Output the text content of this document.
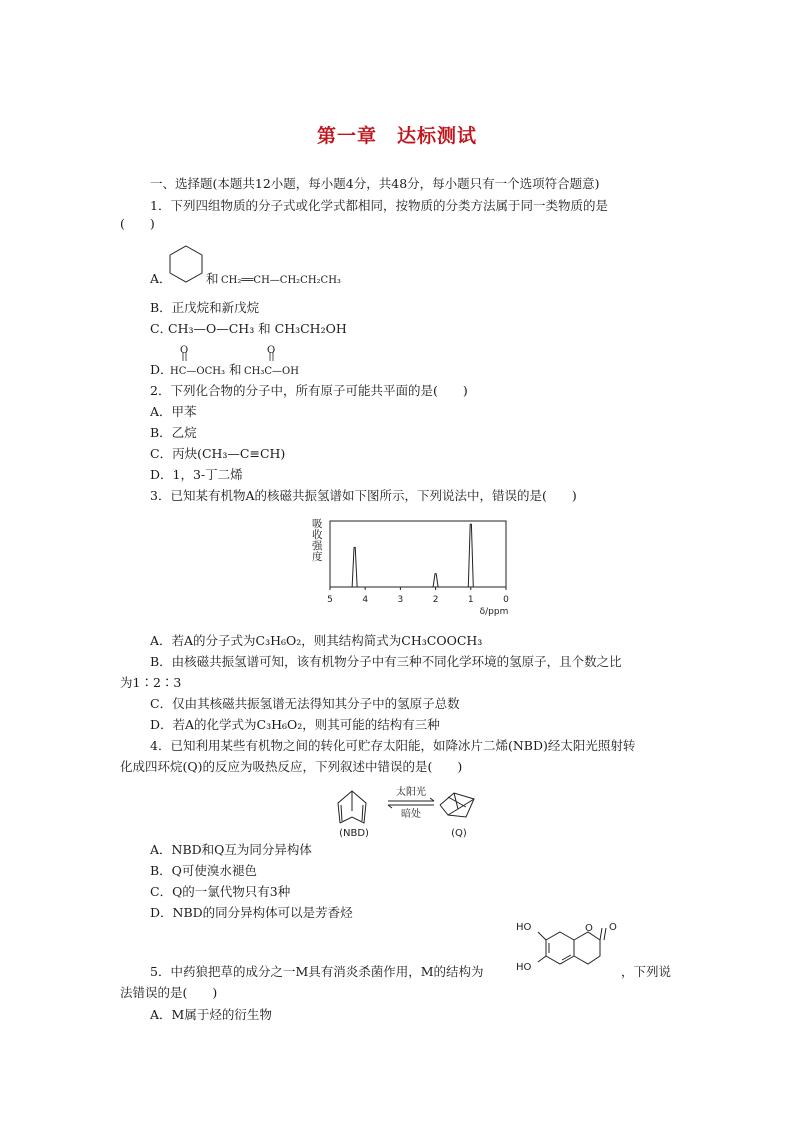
第一章　达标测试
一、选择题(本题共12小题，每小题4分，共48分，每小题只有一个选项符合题意)
1．下列四组物质的分子式或化学式都相同，按物质的分类方法属于同一类物质的是
(　　)
A．	和 CH₂══CH—CH₂CH₂CH₃
B．正戊烷和新戊烷
C．
CH₃—O—CH₃ 和 CH₃CH₂OH
D．
O
HC—OCH₃ 和
O
CH₃C—OH
2．下列化合物的分子中，所有原子可能共平面的是(　　)
A．甲苯
B．乙烷
C．丙炔(CH₃—C≡CH)
D．1，3-丁二烯
3．已知某有机物A的核磁共振氢谱如下图所示，下列说法中，错误的是(　　)
吸收强度
5	4	3	2	1	0
δ/ppm
A．若A的分子式为C₃H₆O₂，则其结构简式为CH₃COOCH₃
B．由核磁共振氢谱可知，该有机物分子中有三种不同化学环境的氢原子，且个数之比
为1∶2∶3
C．仅由其核磁共振氢谱无法得知其分子中的氢原子总数
D．若A的化学式为C₃H₆O₂，则其可能的结构有三种
4．已知利用某些有机物之间的转化可贮存太阳能，如降冰片二烯(NBD)经太阳光照射转
化成四环烷(Q)的反应为吸热反应，下列叙述中错误的是(　　)
(NBD)
太阳光
暗处
(Q)
A．NBD和Q互为同分异构体
B．Q可使溴水褪色
C．Q的一氯代物只有3种
D．NBD的同分异构体可以是芳香烃
HO
HO
O O
5．中药狼把草的成分之一M具有消炎杀菌作用，M的结构为	，下列说
法错误的是(　　)
A．M属于烃的衍生物
